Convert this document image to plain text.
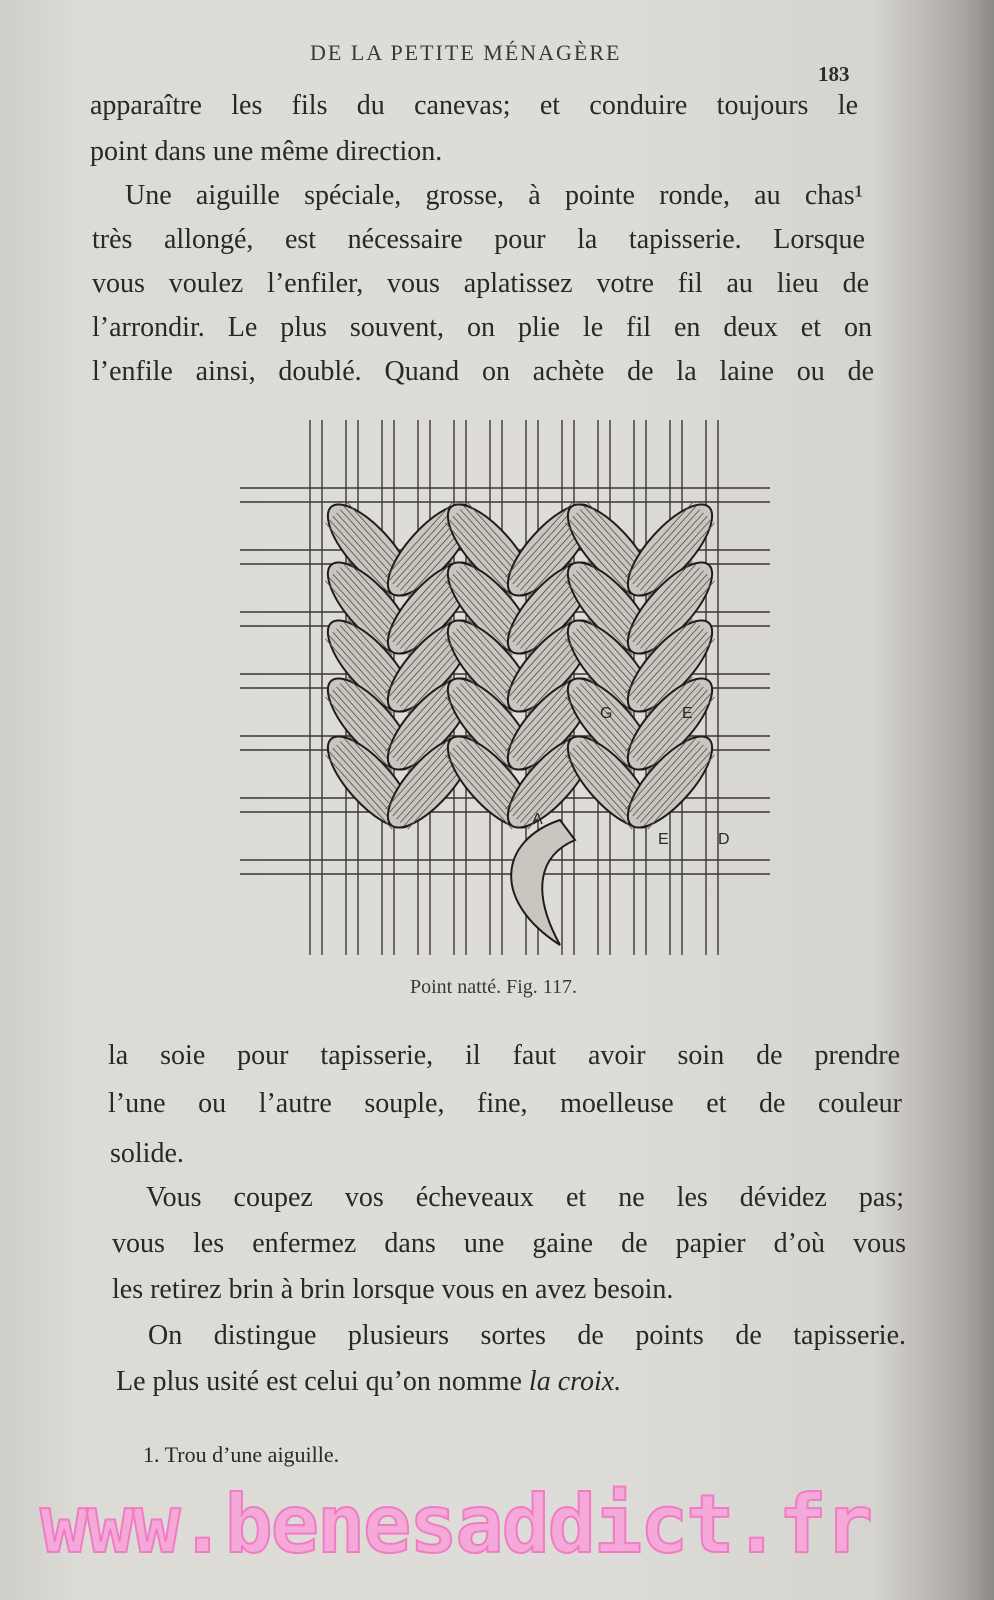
DE LA PETITE MÉNAGÈRE
183
apparaître les fils du canevas; et conduire toujours le
point dans une même direction.
Une aiguille spéciale, grosse, à pointe ronde, au chas¹
très allongé, est nécessaire pour la tapisserie. Lorsque
vous voulez l’enfiler, vous aplatissez votre fil au lieu de
l’arrondir. Le plus souvent, on plie le fil en deux et on
l’enfile ainsi, doublé. Quand on achète de la laine ou de
G	E
A
E	D
Point natté. Fig. 117.
la soie pour tapisserie, il faut avoir soin de prendre
l’une ou l’autre souple, fine, moelleuse et de couleur
solide.
Vous coupez vos écheveaux et ne les dévidez pas;
vous les enfermez dans une gaine de papier d’où vous
les retirez brin à brin lorsque vous en avez besoin.
On distingue plusieurs sortes de points de tapisserie.
Le plus usité est celui qu’on nomme la croix.
1. Trou d’une aiguille.
www.benesaddict.fr
